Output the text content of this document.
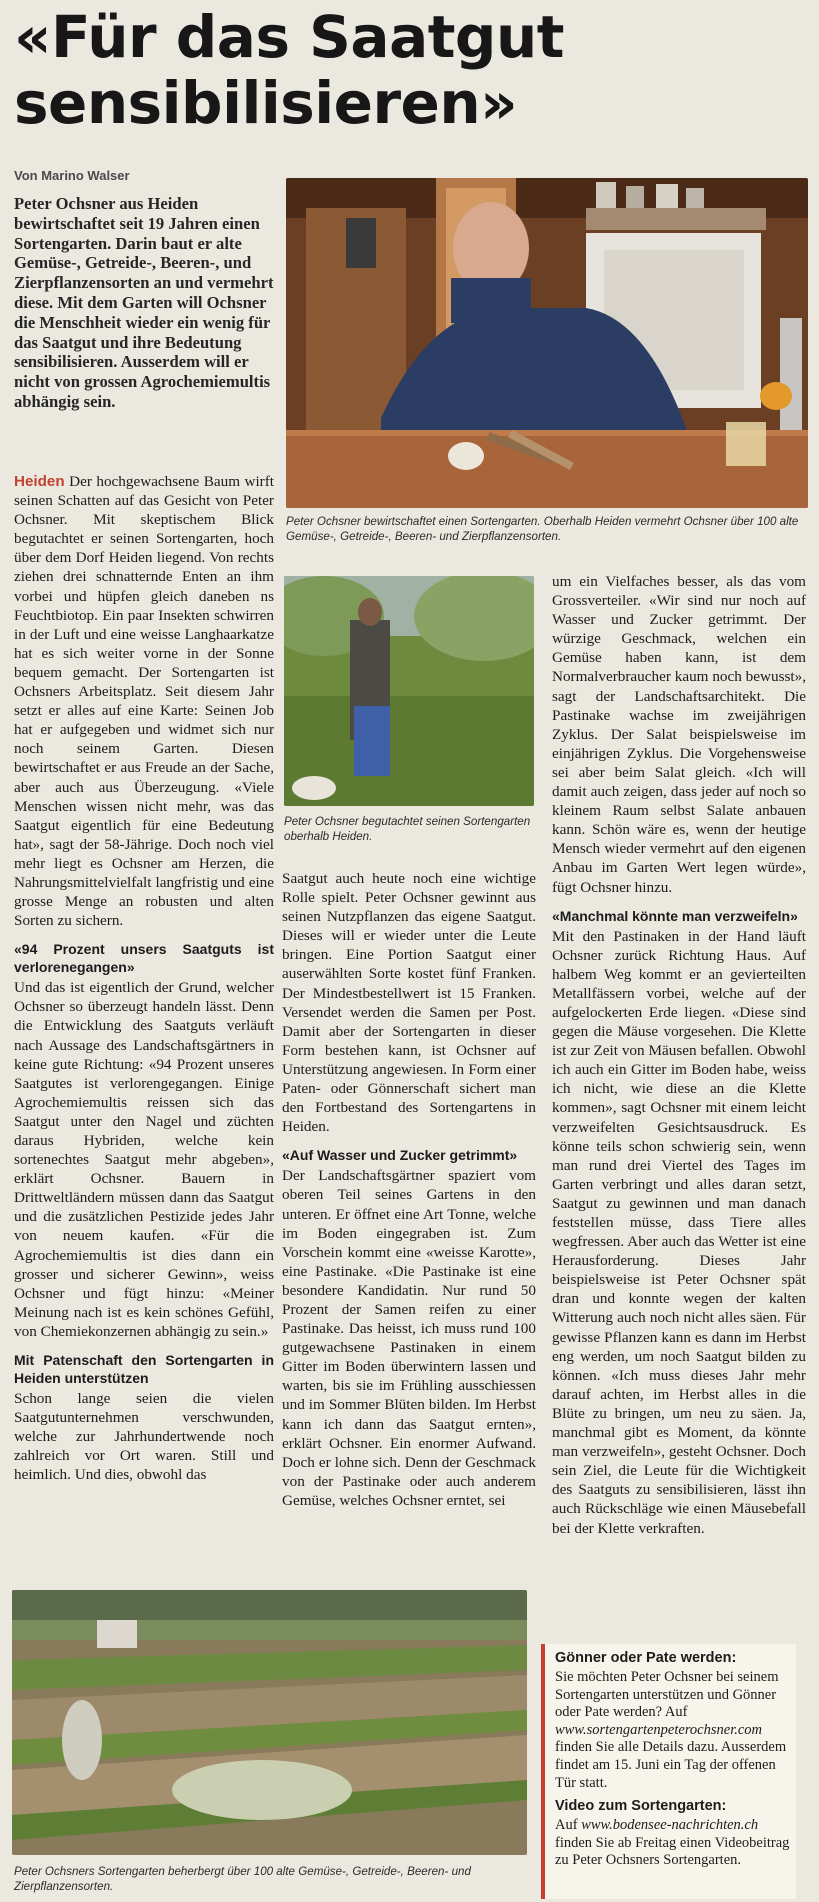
«Für das Saatgut sensibilisieren»
Von Marino Walser

Peter Ochsner aus Heiden bewirtschaftet seit 19 Jahren einen Sortengarten. Darin baut er alte Gemüse-, Getreide-, Beeren-, und Zierpflanzensorten an und vermehrt diese. Mit dem Garten will Ochsner die Menschheit wieder ein wenig für das Saatgut und ihre Bedeutung sensibilisieren. Ausserdem will er nicht von grossen Agrochemiemultis abhängig sein.

Peter Ochsner bewirtschaftet einen Sortengarten. Oberhalb Heiden vermehrt Ochsner über 100 alte Gemüse-, Getreide-, Beeren- und Zierpflanzensorten.

Heiden Der hochgewachsene Baum wirft seinen Schatten auf das Gesicht von Peter Ochsner. Mit skeptischem Blick begutachtet er seinen Sortengarten, hoch über dem Dorf Heiden liegend. Von rechts ziehen drei schnatternde Enten an ihm vorbei und hüpfen gleich daneben ns Feuchtbiotop. Ein paar Insekten schwirren in der Luft und eine weisse Langhaarkatze hat es sich weiter vorne in der Sonne bequem gemacht. Der Sortengarten ist Ochsners Arbeitsplatz. Seit diesem Jahr setzt er alles auf eine Karte: Seinen Job hat er aufgegeben und widmet sich nur noch seinem Garten. Diesen bewirtschaftet er aus Freude an der Sache, aber auch aus Überzeugung. «Viele Menschen wissen nicht mehr, was das Saatgut eigentlich für eine Bedeutung hat», sagt der 58-Jährige. Doch noch viel mehr liegt es Ochsner am Herzen, die Nahrungsmittelvielfalt langfristig und eine grosse Menge an robusten und alten Sorten zu sichern.

«94 Prozent unsers Saatguts ist verlorenegangen»

Und das ist eigentlich der Grund, welcher Ochsner so überzeugt handeln lässt. Denn die Entwicklung des Saatguts verläuft nach Aussage des Landschaftsgärtners in keine gute Richtung: «94 Prozent unseres Saatgutes ist verlorengegangen. Einige Agrochemiemultis reissen sich das Saatgut unter den Nagel und züchten daraus Hybriden, welche kein sortenechtes Saatgut mehr abgeben», erklärt Ochsner. Bauern in Drittweltländern müssen dann das Saatgut und die zusätzlichen Pestizide jedes Jahr von neuem kaufen. «Für die Agrochemiemultis ist dies dann ein grosser und sicherer Gewinn», weiss Ochsner und fügt hinzu: «Meiner Meinung nach ist es kein schönes Gefühl, von Chemiekonzernen abhängig zu sein.»

Mit Patenschaft den Sortengarten in Heiden unterstützen

Schon lange seien die vielen Saatgutunternehmen verschwunden, welche zur Jahrhundertwende noch zahlreich vor Ort waren. Still und heimlich. Und dies, obwohl das

Peter Ochsner begutachtet seinen Sortengarten oberhalb Heiden.

Saatgut auch heute noch eine wichtige Rolle spielt. Peter Ochsner gewinnt aus seinen Nutzpflanzen das eigene Saatgut. Dieses will er wieder unter die Leute bringen. Eine Portion Saatgut einer auserwählten Sorte kostet fünf Franken. Der Mindestbestellwert ist 15 Franken. Versendet werden die Samen per Post. Damit aber der Sortengarten in dieser Form bestehen kann, ist Ochsner auf Unterstützung angewiesen. In Form einer Paten- oder Gönnerschaft sichert man den Fortbestand des Sortengartens in Heiden.

«Auf Wasser und Zucker getrimmt»

Der Landschaftsgärtner spaziert vom oberen Teil seines Gartens in den unteren. Er öffnet eine Art Tonne, welche im Boden eingegraben ist. Zum Vorschein kommt eine «weisse Karotte», eine Pastinake. «Die Pastinake ist eine besondere Kandidatin. Nur rund 50 Prozent der Samen reifen zu einer Pastinake. Das heisst, ich muss rund 100 gutgewachsene Pastinaken in einem Gitter im Boden überwintern lassen und warten, bis sie im Frühling ausschiessen und im Sommer Blüten bilden. Im Herbst kann ich dann das Saatgut ernten», erklärt Ochsner. Ein enormer Aufwand. Doch er lohne sich. Denn der Geschmack von der Pastinake oder auch anderem Gemüse, welches Ochsner erntet, sei

um ein Vielfaches besser, als das vom Grossverteiler. «Wir sind nur noch auf Wasser und Zucker getrimmt. Der würzige Geschmack, welchen ein Gemüse haben kann, ist dem Normalverbraucher kaum noch bewusst», sagt der Landschaftsarchitekt. Die Pastinake wachse im zweijährigen Zyklus. Der Salat beispielsweise im einjährigen Zyklus. Die Vorgehensweise sei aber beim Salat gleich. «Ich will damit auch zeigen, dass jeder auf noch so kleinem Raum selbst Salate anbauen kann. Schön wäre es, wenn der heutige Mensch wieder vermehrt auf den eigenen Anbau im Garten Wert legen würde», fügt Ochsner hinzu.

«Manchmal könnte man verzweifeln»

Mit den Pastinaken in der Hand läuft Ochsner zurück Richtung Haus. Auf halbem Weg kommt er an gevierteilten Metallfässern vorbei, welche auf der aufgelockerten Erde liegen. «Diese sind gegen die Mäuse vorgesehen. Die Klette ist zur Zeit von Mäusen befallen. Obwohl ich auch ein Gitter im Boden habe, weiss ich nicht, wie diese an die Klette kommen», sagt Ochsner mit einem leicht verzweifelten Gesichtsausdruck. Es könne teils schon schwierig sein, wenn man rund drei Viertel des Tages im Garten verbringt und alles daran setzt, Saatgut zu gewinnen und man danach feststellen müsse, dass Tiere alles wegfressen. Aber auch das Wetter ist eine Herausforderung. Dieses Jahr beispielsweise ist Peter Ochsner spät dran und konnte wegen der kalten Witterung auch noch nicht alles säen. Für gewisse Pflanzen kann es dann im Herbst eng werden, um noch Saatgut bilden zu können. «Ich muss dieses Jahr mehr darauf achten, im Herbst alles in die Blüte zu bringen, um neu zu säen. Ja, manchmal gibt es Moment, da könnte man verzweifeln», gesteht Ochsner. Doch sein Ziel, die Leute für die Wichtigkeit des Saatguts zu sensibilisieren, lässt ihn auch Rückschläge wie einen Mäusebefall bei der Klette verkraften.

Peter Ochsners Sortengarten beherbergt über 100 alte Gemüse-, Getreide-, Beeren- und Zierpflanzensorten.
Gönner oder Pate werden:

Sie möchten Peter Ochsner bei seinem Sortengarten unterstützen und Gönner oder Pate werden? Auf www.sortengartenpeterochsner.com finden Sie alle Details dazu. Ausserdem findet am 15. Juni ein Tag der offenen Tür statt.

Video zum Sortengarten:

Auf www.bodensee-nachrichten.ch finden Sie ab Freitag einen Videobeitrag zu Peter Ochsners Sortengarten.
